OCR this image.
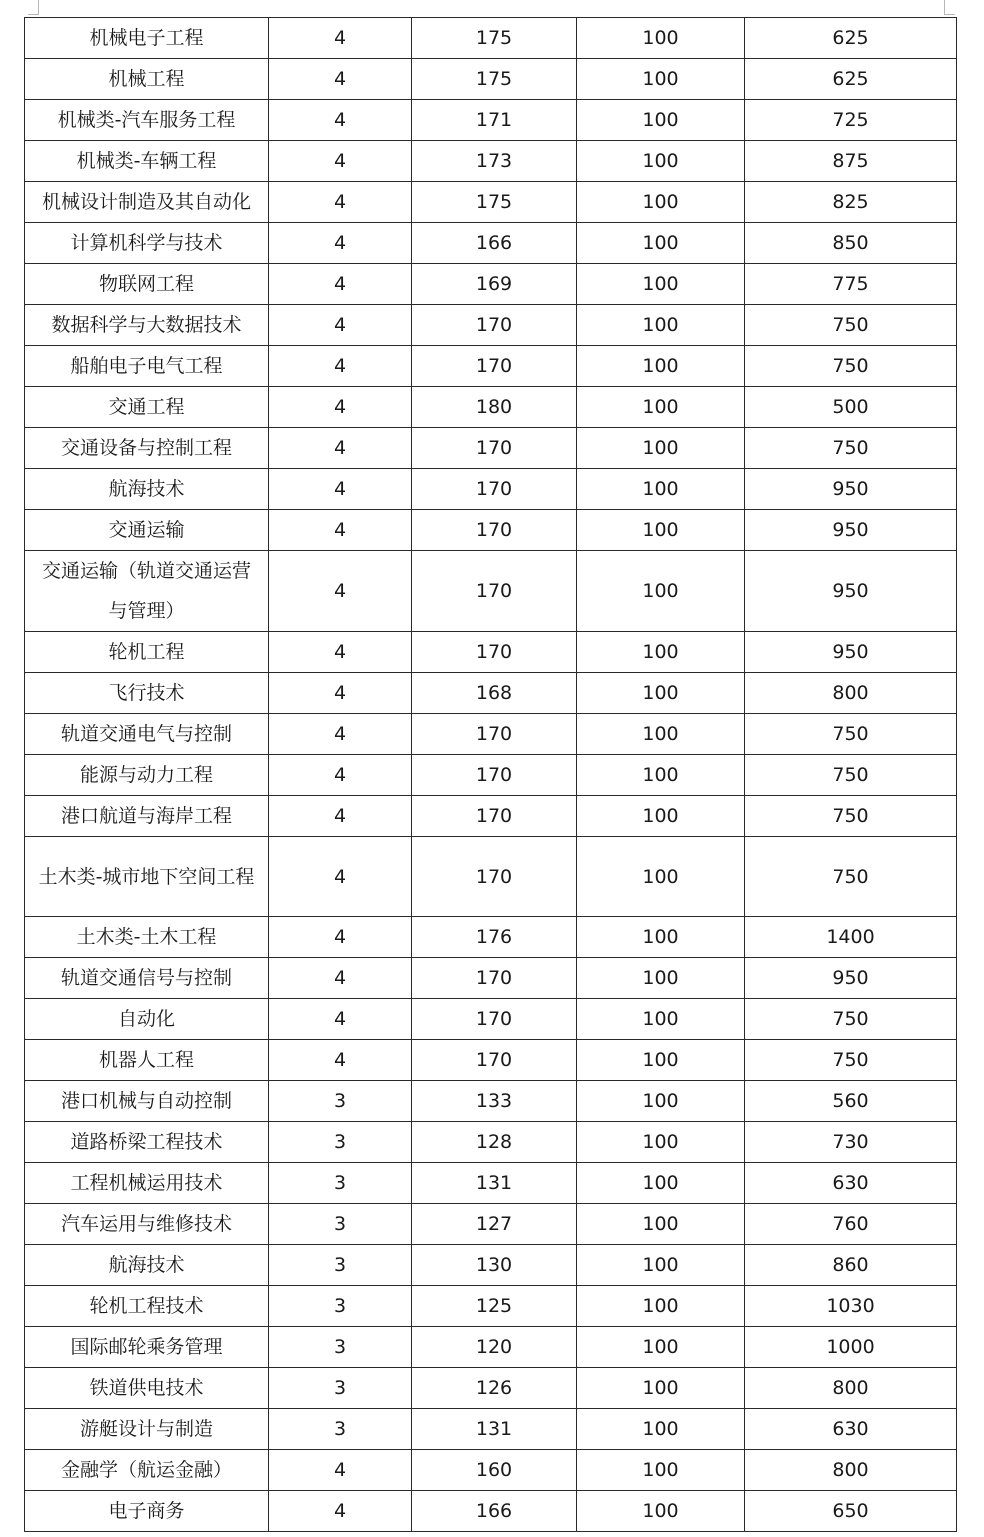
机械电子工程	4	175	100	625
机械工程	4	175	100	625
机械类-汽车服务工程	4	171	100	725
机械类-车辆工程	4	173	100	875
机械设计制造及其自动化	4	175	100	825
计算机科学与技术	4	166	100	850
物联网工程	4	169	100	775
数据科学与大数据技术	4	170	100	750
船舶电子电气工程	4	170	100	750
交通工程	4	180	100	500
交通设备与控制工程	4	170	100	750
航海技术	4	170	100	950
交通运输	4	170	100	950
交通运输（轨道交通运营与管理）	4	170	100	950
轮机工程	4	170	100	950
飞行技术	4	168	100	800
轨道交通电气与控制	4	170	100	750
能源与动力工程	4	170	100	750
港口航道与海岸工程	4	170	100	750
土木类-城市地下空间工程	4	170	100	750
土木类-土木工程	4	176	100	1400
轨道交通信号与控制	4	170	100	950
自动化	4	170	100	750
机器人工程	4	170	100	750
港口机械与自动控制	3	133	100	560
道路桥梁工程技术	3	128	100	730
工程机械运用技术	3	131	100	630
汽车运用与维修技术	3	127	100	760
航海技术	3	130	100	860
轮机工程技术	3	125	100	1030
国际邮轮乘务管理	3	120	100	1000
铁道供电技术	3	126	100	800
游艇设计与制造	3	131	100	630
金融学（航运金融）	4	160	100	800
电子商务	4	166	100	650
